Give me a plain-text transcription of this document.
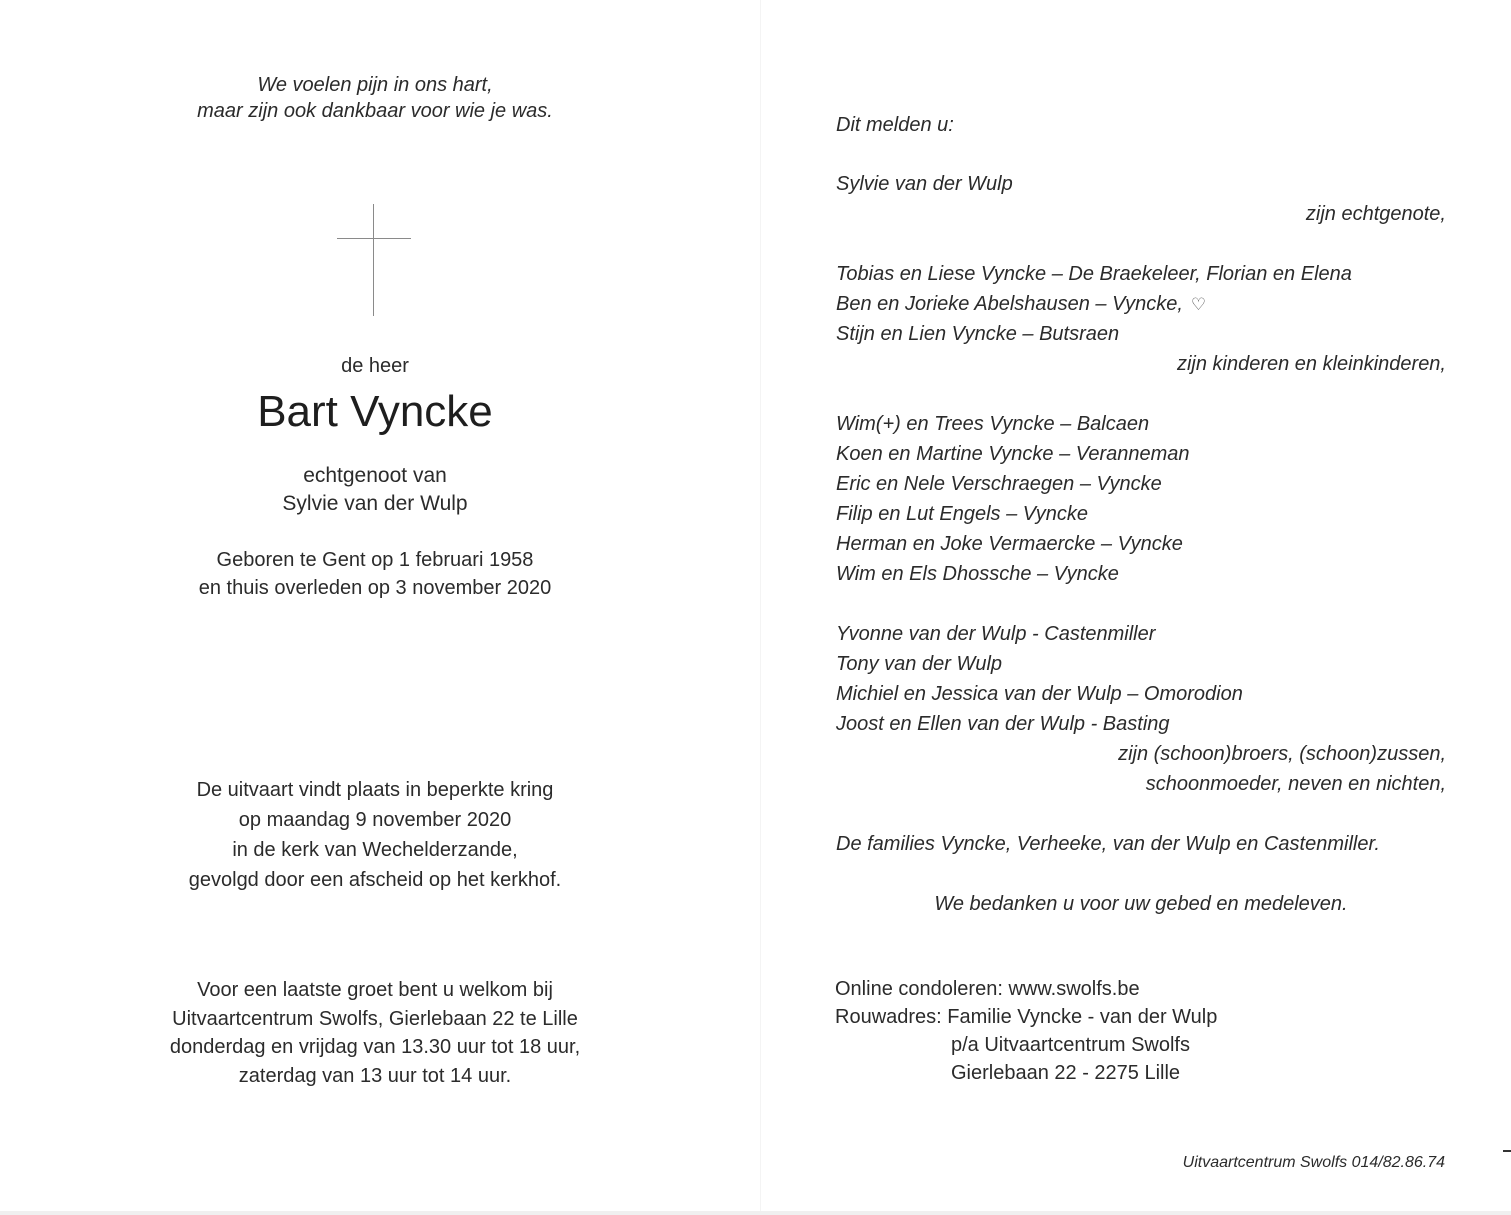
We voelen pijn in ons hart,
maar zijn ook dankbaar voor wie je was.
de heer
Bart Vyncke
echtgenoot van
Sylvie van der Wulp
Geboren te Gent op 1 februari 1958
en thuis overleden op 3 november 2020
De uitvaart vindt plaats in beperkte kring
op maandag 9 november 2020
in de kerk van Wechelderzande,
gevolgd door een afscheid op het kerkhof.
Voor een laatste groet bent u welkom bij
Uitvaartcentrum Swolfs, Gierlebaan 22 te Lille
donderdag en vrijdag van 13.30 uur tot 18 uur,
zaterdag van 13 uur tot 14 uur.
Dit melden u:
Sylvie van der Wulp
zijn echtgenote,
Tobias en Liese Vyncke – De Braekeleer, Florian en Elena
Ben en Jorieke Abelshausen – Vyncke, ♡
Stijn en Lien Vyncke – Butsraen
zijn kinderen en kleinkinderen,
Wim(+) en Trees Vyncke – Balcaen
Koen en Martine Vyncke – Veranneman
Eric en Nele Verschraegen – Vyncke
Filip en Lut Engels – Vyncke
Herman en Joke Vermaercke – Vyncke
Wim en Els Dhossche – Vyncke
Yvonne van der Wulp - Castenmiller
Tony van der Wulp
Michiel en Jessica van der Wulp – Omorodion
Joost en Ellen van der Wulp - Basting
zijn (schoon)broers, (schoon)zussen,
schoonmoeder, neven en nichten,
De families Vyncke, Verheeke, van der Wulp en Castenmiller.
We bedanken u voor uw gebed en medeleven.
Online condoleren: www.swolfs.be
Rouwadres: Familie Vyncke - van der Wulp
p/a Uitvaartcentrum Swolfs
Gierlebaan 22 - 2275 Lille
Uitvaartcentrum Swolfs 014/82.86.74
